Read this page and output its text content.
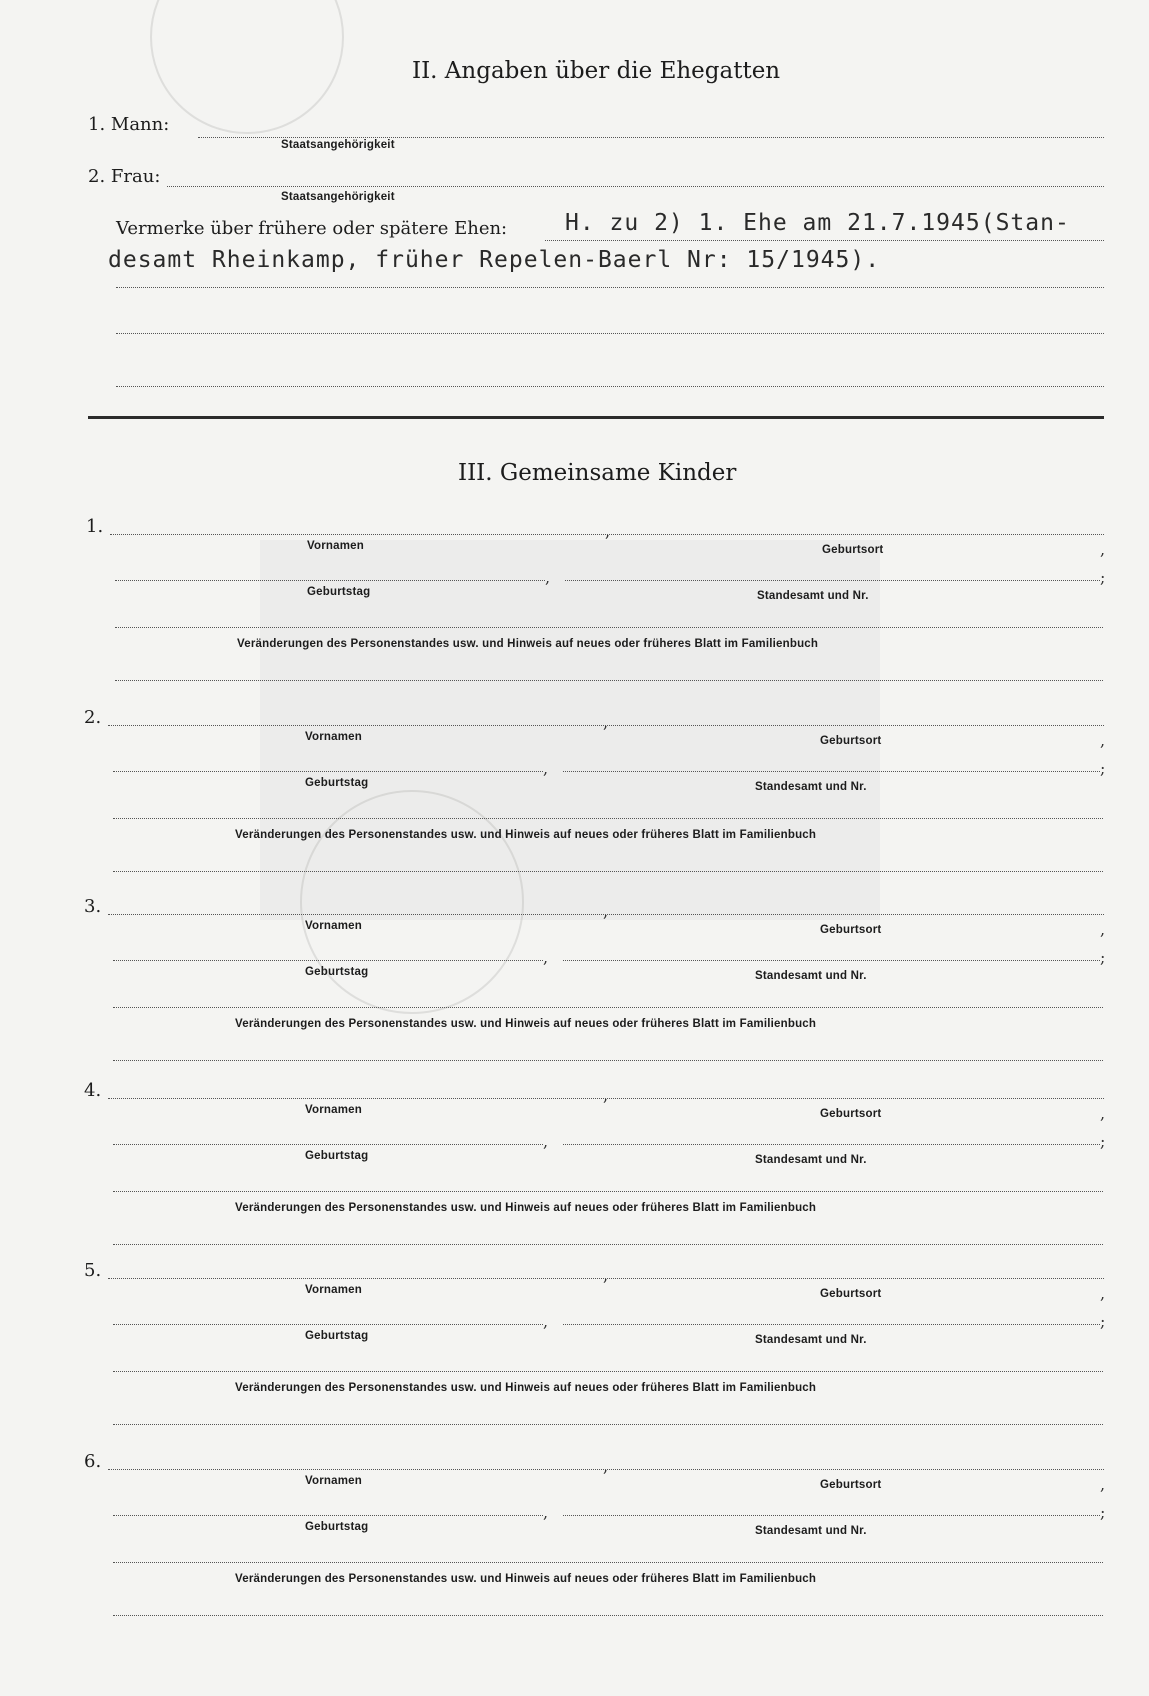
II. Angaben über die Ehegatten
1. Mann:
Staatsangehörigkeit
2. Frau:
Staatsangehörigkeit
Vermerke über frühere oder spätere Ehen:	H. zu 2) 1. Ehe am 21.7.1945(Stan-
desamt Rheinkamp, früher Repelen-Baerl Nr: 15/1945).
III. Gemeinsame Kinder
1.	,
,
Vornamen	Geburtsort
,	;
Geburtstag	Standesamt und Nr.
Veränderungen des Personenstandes usw. und Hinweis auf neues oder früheres Blatt im Familienbuch
2.	,
,
Vornamen	Geburtsort
,	;
Geburtstag	Standesamt und Nr.
Veränderungen des Personenstandes usw. und Hinweis auf neues oder früheres Blatt im Familienbuch
3.	,
,
Vornamen	Geburtsort
,	;
Geburtstag	Standesamt und Nr.
Veränderungen des Personenstandes usw. und Hinweis auf neues oder früheres Blatt im Familienbuch
4.	,
,
Vornamen	Geburtsort
,	;
Geburtstag	Standesamt und Nr.
Veränderungen des Personenstandes usw. und Hinweis auf neues oder früheres Blatt im Familienbuch
5.	,
,
Vornamen	Geburtsort
,	;
Geburtstag	Standesamt und Nr.
Veränderungen des Personenstandes usw. und Hinweis auf neues oder früheres Blatt im Familienbuch
6.	,
,
Vornamen	Geburtsort
,	;
Geburtstag	Standesamt und Nr.
Veränderungen des Personenstandes usw. und Hinweis auf neues oder früheres Blatt im Familienbuch
